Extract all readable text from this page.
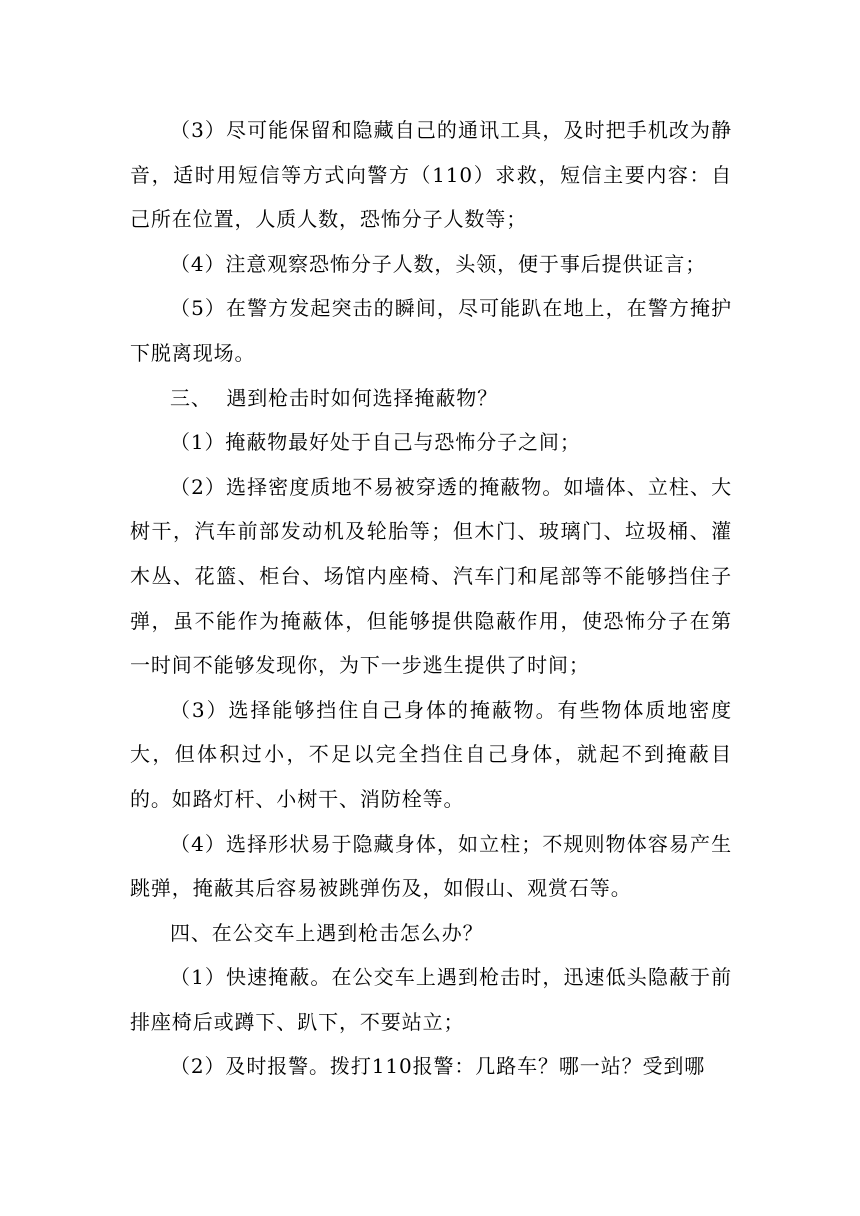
（3）尽可能保留和隐藏自己的通讯工具，及时把手机改为静音，适时用短信等方式向警方（110）求救，短信主要内容：自己所在位置，人质人数，恐怖分子人数等；

（4）注意观察恐怖分子人数，头领，便于事后提供证言；

（5）在警方发起突击的瞬间，尽可能趴在地上，在警方掩护下脱离现场。

三、  遇到枪击时如何选择掩蔽物？

（1）掩蔽物最好处于自己与恐怖分子之间；

（2）选择密度质地不易被穿透的掩蔽物。如墙体、立柱、大树干，汽车前部发动机及轮胎等；但木门、玻璃门、垃圾桶、灌木丛、花篮、柜台、场馆内座椅、汽车门和尾部等不能够挡住子弹，虽不能作为掩蔽体，但能够提供隐蔽作用，使恐怖分子在第一时间不能够发现你，为下一步逃生提供了时间；

（3）选择能够挡住自己身体的掩蔽物。有些物体质地密度大，但体积过小，不足以完全挡住自己身体，就起不到掩蔽目的。如路灯杆、小树干、消防栓等。

（4）选择形状易于隐藏身体，如立柱；不规则物体容易产生跳弹，掩蔽其后容易被跳弹伤及，如假山、观赏石等。

四、在公交车上遇到枪击怎么办？

（1）快速掩蔽。在公交车上遇到枪击时，迅速低头隐蔽于前排座椅后或蹲下、趴下，不要站立；

（2）及时报警。拨打110报警：几路车？哪一站？受到哪
